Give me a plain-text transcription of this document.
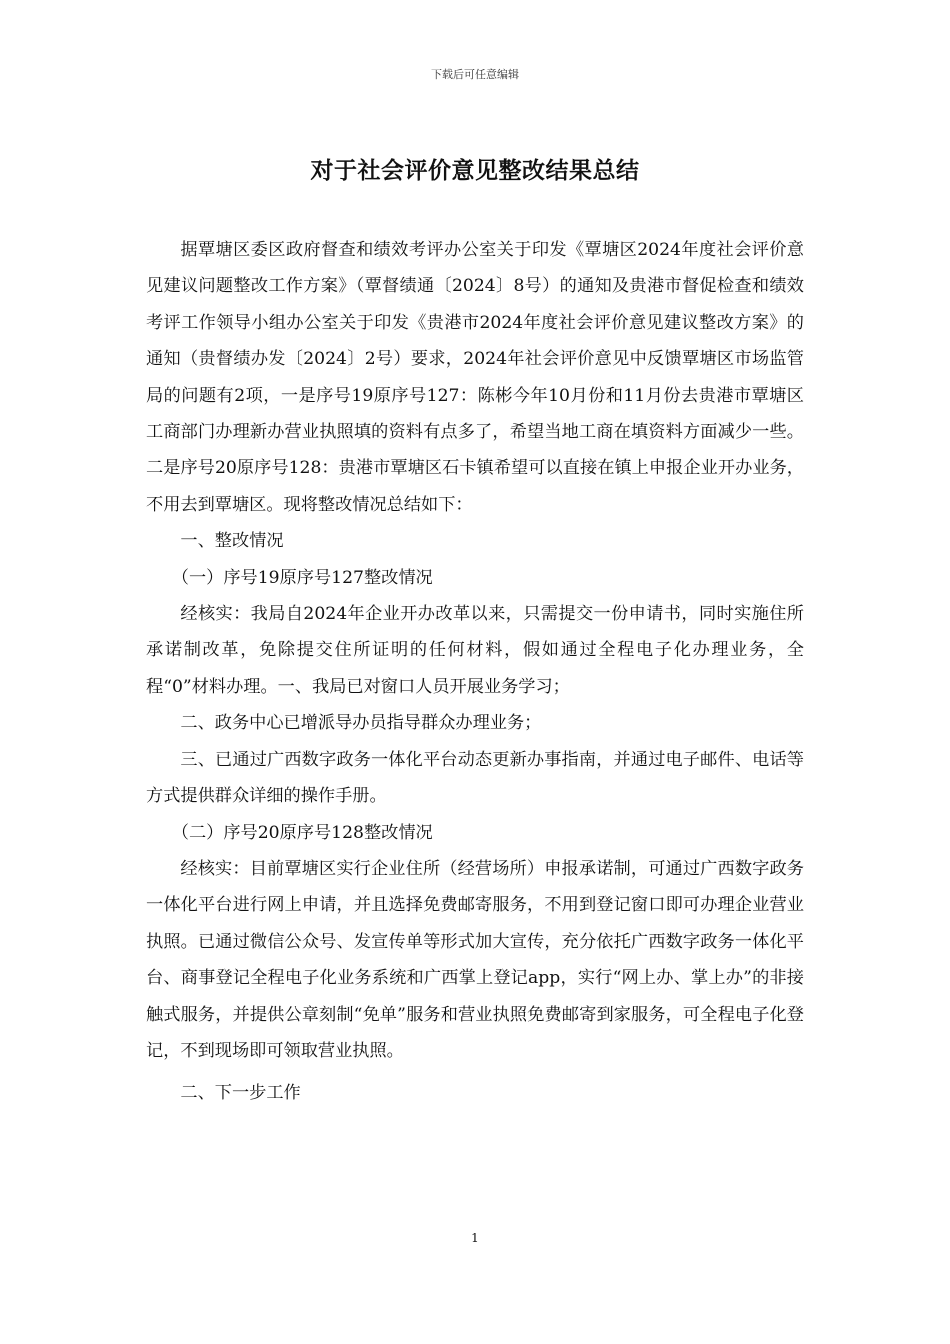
下载后可任意编辑
对于社会评价意见整改结果总结

据覃塘区委区政府督查和绩效考评办公室关于印发《覃塘区2024年度社会评价意见建议问题整改工作方案》（覃督绩通〔2024〕8号）的通知及贵港市督促检查和绩效考评工作领导小组办公室关于印发《贵港市2024年度社会评价意见建议整改方案》的通知（贵督绩办发〔2024〕2号）要求，2024年社会评价意见中反馈覃塘区市场监管局的问题有2项，一是序号19原序号127：陈彬今年10月份和11月份去贵港市覃塘区工商部门办理新办营业执照填的资料有点多了，希望当地工商在填资料方面减少一些。二是序号20原序号128：贵港市覃塘区石卡镇希望可以直接在镇上申报企业开办业务，不用去到覃塘区。现将整改情况总结如下：

一、整改情况

（一）序号19原序号127整改情况

经核实：我局自2024年企业开办改革以来，只需提交一份申请书，同时实施住所承诺制改革，免除提交住所证明的任何材料，假如通过全程电子化办理业务，全程“0”材料办理。一、我局已对窗口人员开展业务学习；

二、政务中心已增派导办员指导群众办理业务；

三、已通过广西数字政务一体化平台动态更新办事指南，并通过电子邮件、电话等方式提供群众详细的操作手册。

（二）序号20原序号128整改情况

经核实：目前覃塘区实行企业住所（经营场所）申报承诺制，可通过广西数字政务一体化平台进行网上申请，并且选择免费邮寄服务，不用到登记窗口即可办理企业营业执照。已通过微信公众号、发宣传单等形式加大宣传，充分依托广西数字政务一体化平台、商事登记全程电子化业务系统和广西掌上登记app，实行“网上办、掌上办”的非接触式服务，并提供公章刻制“免单”服务和营业执照免费邮寄到家服务，可全程电子化登记，不到现场即可领取营业执照。

二、下一步工作

1
